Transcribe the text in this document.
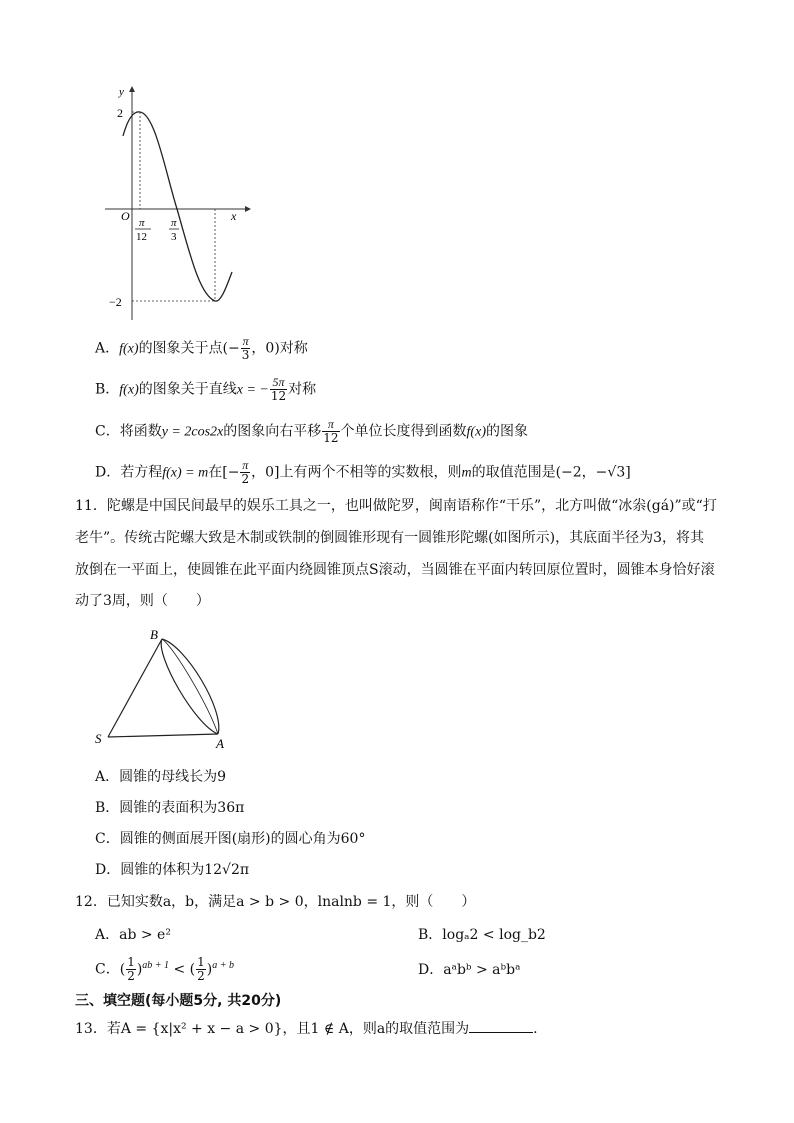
y
2
O	x
π
12
π
3
−2
A．f(x)的图象关于点(− $\frac{\pi}{3}$ ，0)对称
B．f(x)的图象关于直线x = − $\frac{5\pi}{12}$ 对称
C．将函数y = 2cos2x的图象向右平移 $\frac{\pi}{12}$ 个单位长度得到函数f(x)的图象
D．若方程f(x) = m在[− $\frac{\pi}{2}$ ，0]上有两个不相等的实数根，则m的取值范围是(−2，−√3]
11．陀螺是中国民间最早的娱乐工具之一，也叫做陀罗，闽南语称作“干乐”，北方叫做“冰尜(gá)”或“打
老牛”。传统古陀螺大致是木制或铁制的倒圆锥形现有一圆锥形陀螺(如图所示)，其底面半径为3，将其
放倒在一平面上，使圆锥在此平面内绕圆锥顶点S滚动，当圆锥在平面内转回原位置时，圆锥本身恰好滚
动了3周，则（　　）
B
S	A
A．圆锥的母线长为9
B．圆锥的表面积为36π
C．圆锥的侧面展开图(扇形)的圆心角为60°
D．圆锥的体积为12√2π
12．已知实数a，b，满足a > b > 0，lnalnb = 1，则（　　）
A．ab > e²	B．logₐ2 < log_b2
C．( $\frac{1}{2} )^{ab + 1}$ < ( $\frac{1}{2} )^{a + b}$	D．aᵃbᵇ > aᵇbᵃ
三、填空题(每小题5分, 共20分)
13．若A = {x|x² + x − a > 0}，且1 ∉ A，则a的取值范围为	.
